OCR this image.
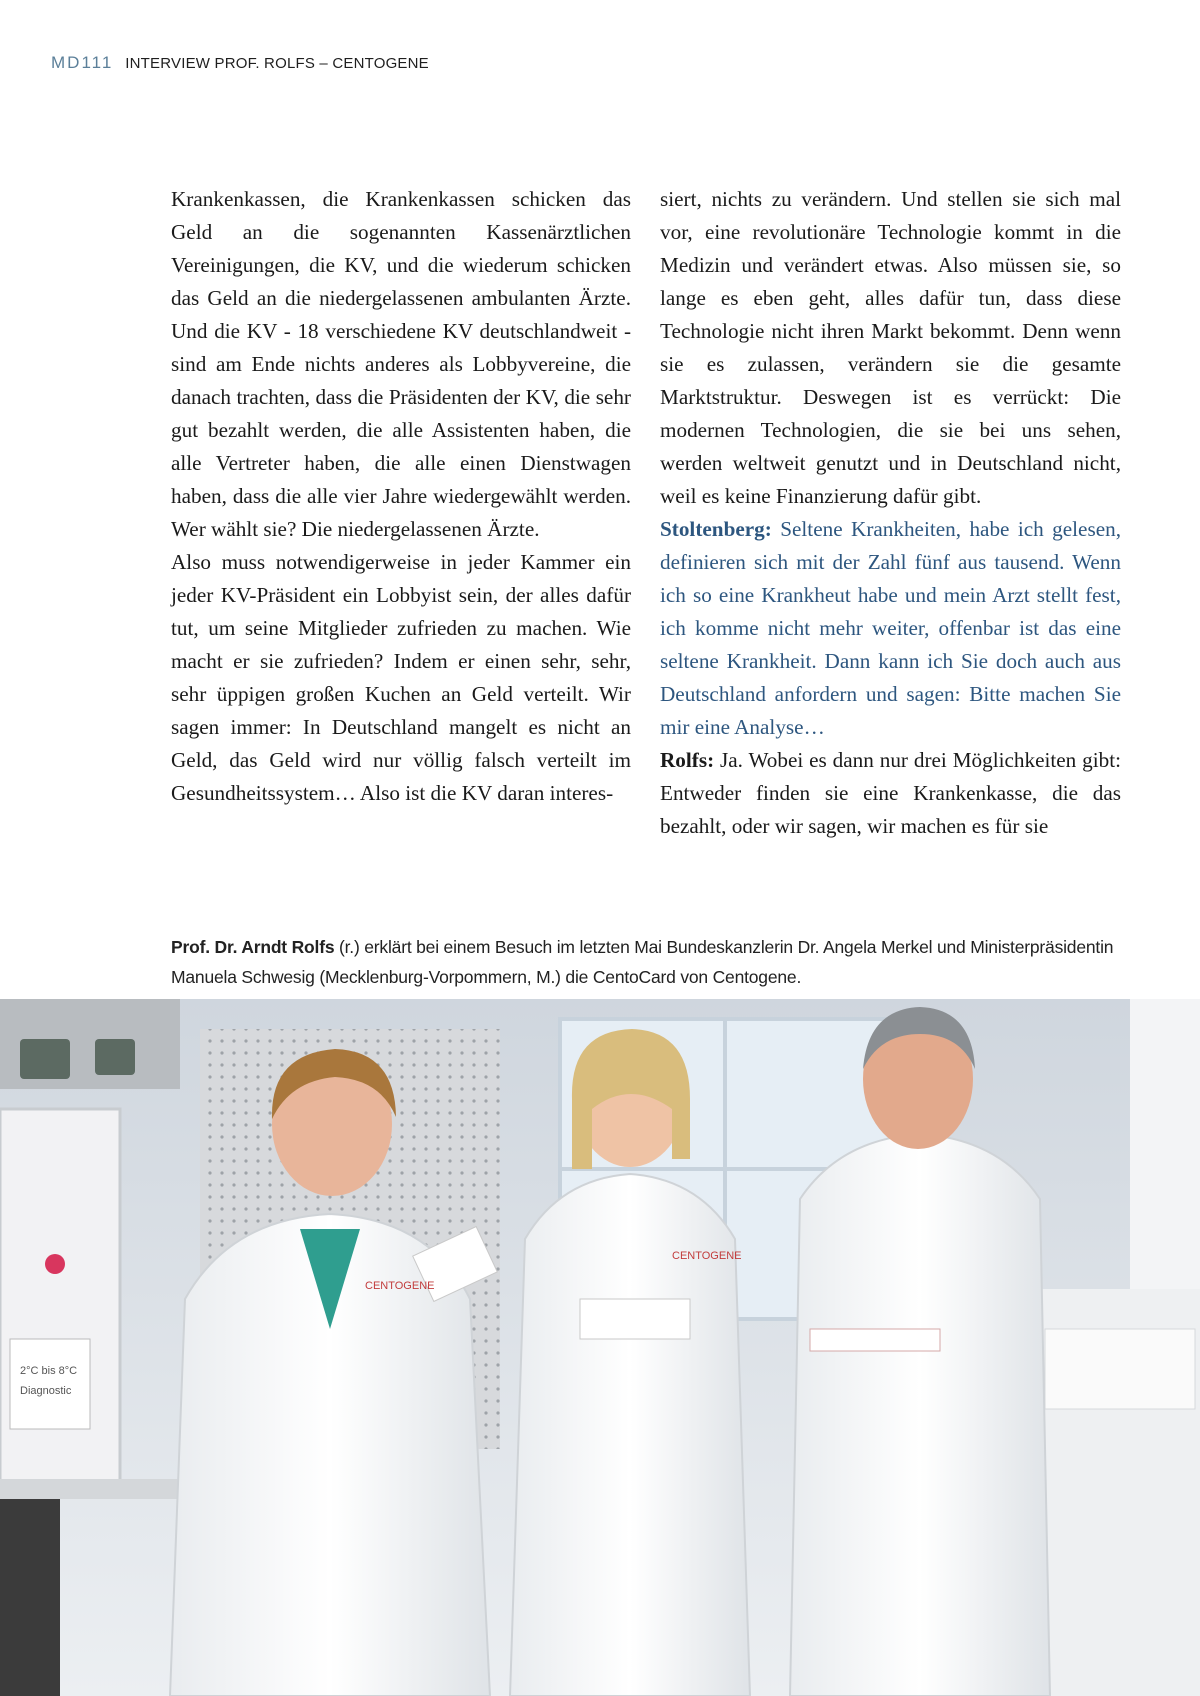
MD111 INTERVIEW PROF. ROLFS – CENTOGENE

Krankenkassen, die Krankenkassen schicken das Geld an die sogenannten Kassenärztlichen Vereinigungen, die KV, und die wiederum schicken das Geld an die niedergelassenen ambulanten Ärzte. Und die KV - 18 verschiedene KV deutschlandweit - sind am Ende nichts anderes als Lobbyvereine, die danach trachten, dass die Präsidenten der KV, die sehr gut bezahlt werden, die alle Assistenten haben, die alle Vertreter haben, die alle einen Dienstwagen haben, dass die alle vier Jahre wiedergewählt werden. Wer wählt sie? Die niedergelassenen Ärzte.

Also muss notwendigerweise in jeder Kammer ein jeder KV-Präsident ein Lobbyist sein, der alles dafür tut, um seine Mitglieder zufrieden zu machen. Wie macht er sie zufrieden? Indem er einen sehr, sehr, sehr üppigen großen Kuchen an Geld verteilt. Wir sagen immer: In Deutschland mangelt es nicht an Geld, das Geld wird nur völlig falsch verteilt im Gesundheitssystem… Also ist die KV daran interes-

siert, nichts zu verändern. Und stellen sie sich mal vor, eine revolutionäre Technologie kommt in die Medizin und verändert etwas. Also müssen sie, so lange es eben geht, alles dafür tun, dass diese Technologie nicht ihren Markt bekommt. Denn wenn sie es zulassen, verändern sie die gesamte Marktstruktur. Deswegen ist es verrückt: Die modernen Technologien, die sie bei uns sehen, werden weltweit genutzt und in Deutschland nicht, weil es keine Finanzierung dafür gibt.

Stoltenberg: Seltene Krankheiten, habe ich gelesen, definieren sich mit der Zahl fünf aus tausend. Wenn ich so eine Krankheut habe und mein Arzt stellt fest, ich komme nicht mehr weiter, offenbar ist das eine seltene Krankheit. Dann kann ich Sie doch auch aus Deutschland anfordern und sagen: Bitte machen Sie mir eine Analyse…

Rolfs: Ja. Wobei es dann nur drei Möglichkeiten gibt: Entweder finden sie eine Krankenkasse, die das bezahlt, oder wir sagen, wir machen es für sie

Prof. Dr. Arndt Rolfs (r.) erklärt bei einem Besuch im letzten Mai Bundeskanzlerin Dr. Angela Merkel und Ministerpräsidentin Manuela Schwesig (Mecklenburg-Vorpommern, M.) die CentoCard von Centogene.
2°C bis 8°C
Diagnostic
CENTOGENE
CENTOGENE
